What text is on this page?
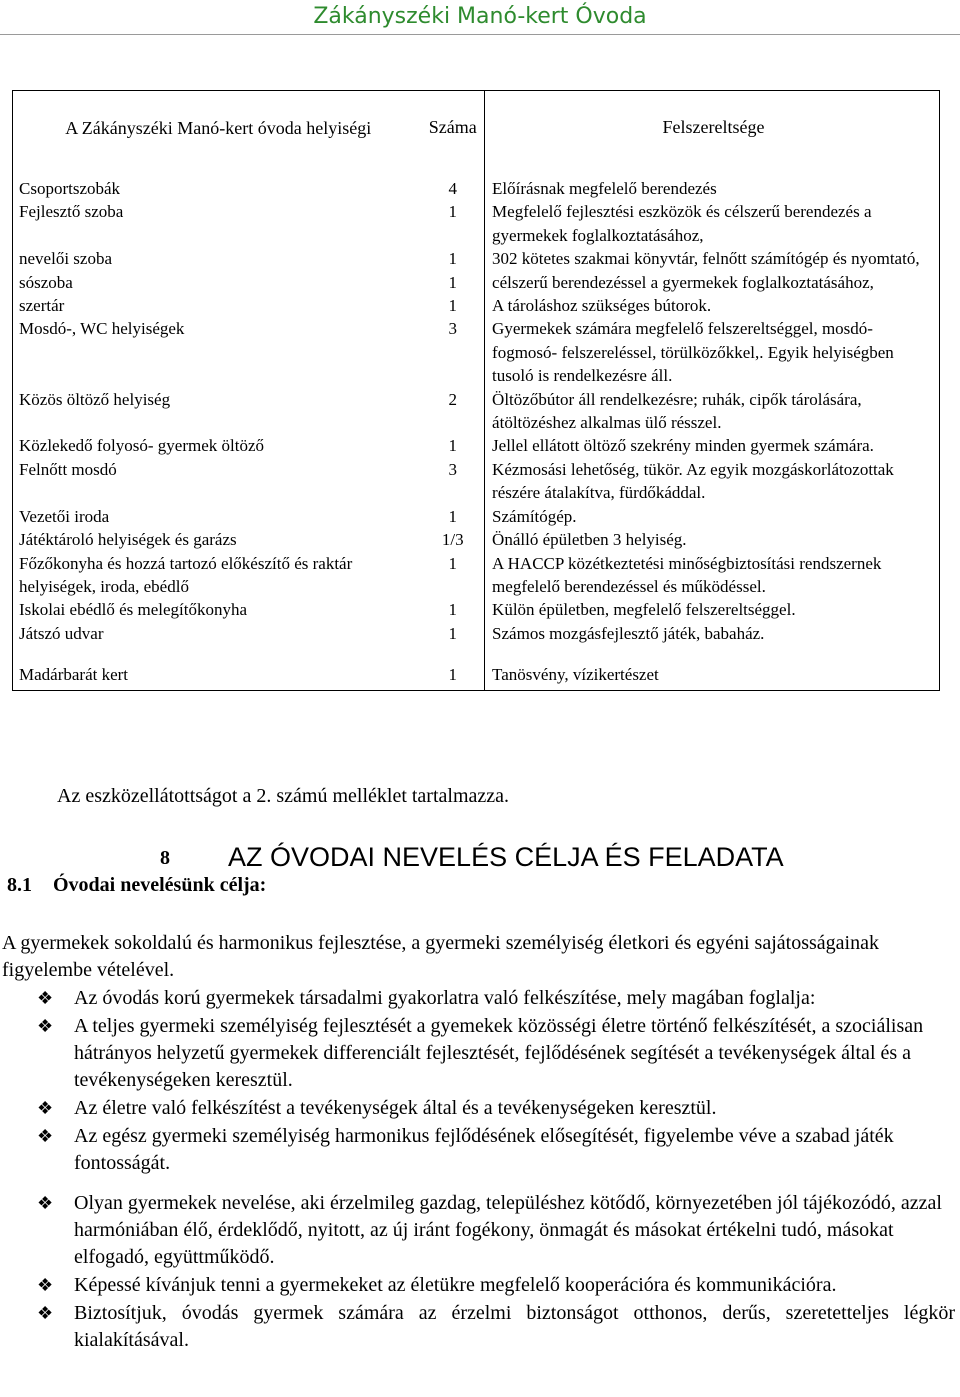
Zákányszéki Manó-kert Óvoda
A Zákányszéki Manó-kert óvoda helyiségi	Száma	Felszereltsége

Csoportszobák	4	Előírásnak megfelelő berendezés
Fejlesztő szoba	1	Megfelelő fejlesztési eszközök és célszerű berendezés a gyermekek foglalkoztatásához,
nevelői szoba	1	302 kötetes szakmai könyvtár, felnőtt számítógép és nyomtató,
sószoba	1	célszerű berendezéssel a gyermekek foglalkoztatásához,
szertár	1	A tároláshoz szükséges bútorok.
Mosdó-, WC helyiségek	3	Gyermekek számára megfelelő felszereltséggel, mosdó- fogmosó- felszereléssel, törülközőkkel,. Egyik helyiségben tusoló is rendelkezésre áll.
Közös öltöző helyiség	2	Öltözőbútor áll rendelkezésre; ruhák, cipők tárolására, átöltözéshez alkalmas ülő résszel.
Közlekedő folyosó- gyermek öltöző	1	Jellel ellátott öltöző szekrény minden gyermek számára.
Felnőtt mosdó	3	Kézmosási lehetőség, tükör. Az egyik mozgáskorlátozottak részére átalakítva, fürdőkáddal.
Vezetői iroda	1	Számítógép.
Játéktároló helyiségek és garázs	1/3	Önálló épületben 3 helyiség.
Főzőkonyha és hozzá tartozó előkészítő és raktár helyiségek, iroda, ebédlő	1	A HACCP közétkeztetési minőségbiztosítási rendszernek megfelelő berendezéssel és működéssel.
Iskolai ebédlő és melegítőkonyha	1	Külön épületben, megfelelő felszereltséggel.
Játszó udvar	1	Számos mozgásfejlesztő játék, babaház.

Madárbarát kert	1	Tanösvény, vízikertészet
Az eszközellátottságot a 2. számú melléklet tartalmazza.
8 AZ ÓVODAI NEVELÉS CÉLJA ÉS FELADATA
8.1 Óvodai nevelésünk célja:
A gyermekek sokoldalú és harmonikus fejlesztése, a gyermeki személyiség életkori és egyéni sajátosságainak figyelembe vételével.
❖ Az óvodás korú gyermekek társadalmi gyakorlatra való felkészítése, mely magában foglalja:
❖ A teljes gyermeki személyiség fejlesztését a gyemekek közösségi életre történő felkészítését, a szociálisan hátrányos helyzetű gyermekek differenciált fejlesztését, fejlődésének segítését a tevékenységek által és a tevékenységeken keresztül.
❖ Az életre való felkészítést a tevékenységek által és a tevékenységeken keresztül.
❖ Az egész gyermeki személyiség harmonikus fejlődésének elősegítését, figyelembe véve a szabad játék fontosságát.
❖ Olyan gyermekek nevelése, aki érzelmileg gazdag, településhez kötődő, környezetében jól tájékozódó, azzal harmóniában élő, érdeklődő, nyitott, az új iránt fogékony, önmagát és másokat értékelni tudó, másokat elfogadó, együttműködő.
❖ Képessé kívánjuk tenni a gyermekeket az életükre megfelelő kooperációra és kommunikációra.
❖ Biztosítjuk, óvodás gyermek számára az érzelmi biztonságot otthonos, derűs, szeretetteljes légkör kialakításával.
